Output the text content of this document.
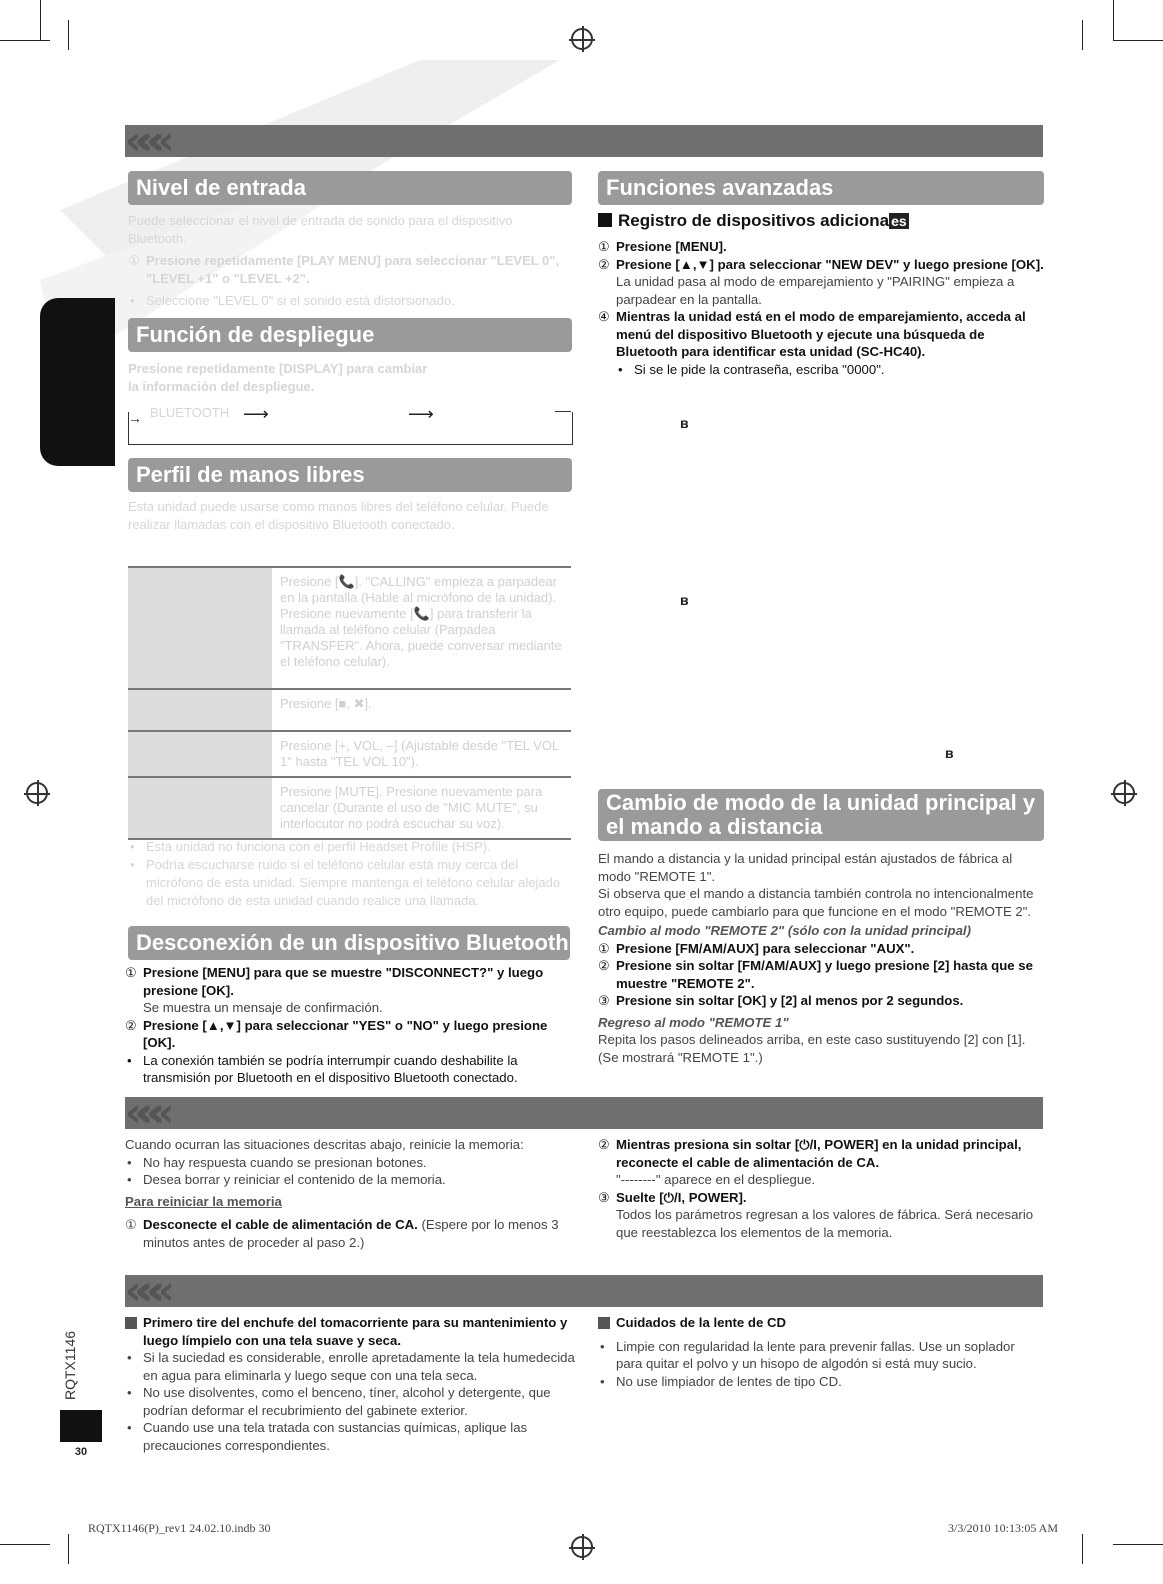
«««
Nivel de entrada
Puede seleccionar el nivel de entrada de sonido para el dispositivo Bluetooth.
① Presione repetidamente [PLAY MENU] para seleccionar "LEVEL 0", "LEVEL +1" o "LEVEL +2".
• Seleccione "LEVEL 0" si el sonido está distorsionado.
Función de despliegue
Presione repetidamente [DISPLAY] para cambiar la información del despliegue.
BLUETOOTH
→	⟶	⟶
Perfil de manos libres
Esta unidad puede usarse como manos libres del teléfono celular. Puede realizar llamadas con el dispositivo Bluetooth conectado.
	Presione [📞]. "CALLING" empieza a parpadear en la pantalla (Hable al micrófono de la unidad). Presione nuevamente [📞] para transferir la llamada al teléfono celular (Parpadea "TRANSFER". Ahora, puede conversar mediante el teléfono celular).
	Presione [■, ✖].
	Presione [+, VOL, –] (Ajustable desde "TEL VOL 1" hasta "TEL VOL 10").
	Presione [MUTE]. Presione nuevamente para cancelar (Durante el uso de "MIC MUTE", su interlocutor no podrá escuchar su voz).
• Esta unidad no funciona con el perfil Headset Profile (HSP).
• Podría escucharse ruido si el teléfono celular está muy cerca del micrófono de esta unidad. Siempre mantenga el teléfono celular alejado del micrófono de esta unidad cuando realice una llamada.
Desconexión de un dispositivo Bluetooth
① Presione [MENU] para que se muestre "DISCONNECT?" y luego presione [OK].
Se muestra un mensaje de confirmación.
② Presione [▲,▼] para seleccionar "YES" o "NO" y luego presione [OK].
• La conexión también se podría interrumpir cuando deshabilite la transmisión por Bluetooth en el dispositivo Bluetooth conectado.
Funciones avanzadas
Registro de dispositivos adiciona es
① Presione [MENU].
② Presione [▲,▼] para seleccionar "NEW DEV" y luego presione [OK].
La unidad pasa al modo de emparejamiento y "PAIRING" empieza a parpadear en la pantalla.
④ Mientras la unidad está en el modo de emparejamiento, acceda al menú del dispositivo Bluetooth y ejecute una búsqueda de Bluetooth para identificar esta unidad (SC-HC40).
• Si se le pide la contraseña, escriba "0000".
ʙ
ʙ
ʙ
Cambio de modo de la unidad principal y el mando a distancia
El mando a distancia y la unidad principal están ajustados de fábrica al modo "REMOTE 1".
Si observa que el mando a distancia también controla no intencionalmente otro equipo, puede cambiarlo para que funcione en el modo "REMOTE 2".
Cambio al modo "REMOTE 2" (sólo con la unidad principal)
① Presione [FM/AM/AUX] para seleccionar "AUX".
② Presione sin soltar [FM/AM/AUX] y luego presione [2] hasta que se muestre "REMOTE 2".
③ Presione sin soltar [OK] y [2] al menos por 2 segundos.
Regreso al modo "REMOTE 1"
Repita los pasos delineados arriba, en este caso sustituyendo [2] con [1]. (Se mostrará "REMOTE 1".)
«««
Cuando ocurran las situaciones descritas abajo, reinicie la memoria:
• No hay respuesta cuando se presionan botones.
• Desea borrar y reiniciar el contenido de la memoria.
Para reiniciar la memoria
① Desconecte el cable de alimentación de CA. (Espere por lo menos 3 minutos antes de proceder al paso 2.)
② Mientras presiona sin soltar [⏻/I, POWER] en la unidad principal, reconecte el cable de alimentación de CA.
"--------" aparece en el despliegue.
③ Suelte [⏻/I, POWER].
Todos los parámetros regresan a los valores de fábrica. Será necesario que reestablezca los elementos de la memoria.
«««
Primero tire del enchufe del tomacorriente para su mantenimiento y luego límpielo con una tela suave y seca.
• Si la suciedad es considerable, enrolle apretadamente la tela humedecida en agua para eliminarla y luego seque con una tela seca.
• No use disolventes, como el benceno, tíner, alcohol y detergente, que podrían deformar el recubrimiento del gabinete exterior.
• Cuando use una tela tratada con sustancias químicas, aplique las precauciones correspondientes.
Cuidados de la lente de CD
• Limpie con regularidad la lente para prevenir fallas. Use un soplador para quitar el polvo y un hisopo de algodón si está muy sucio.
• No use limpiador de lentes de tipo CD.
RQTX1146
30
RQTX1146(P)_rev1 24.02.10.indb 30	3/3/2010 10:13:05 AM
